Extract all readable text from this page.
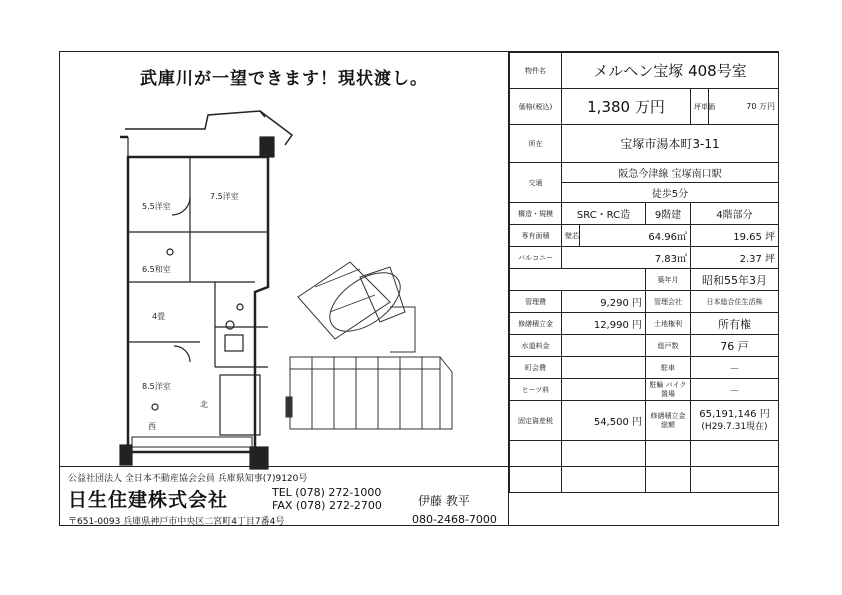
武庫川が一望できます！現状渡し。
5.5洋室
7.5洋室
6.5和室
4畳
8.5洋室
西
北
公益社団法人 全日本不動産協会会員 兵庫県知事(7)9120号
日生住建株式会社	TEL (078) 272-1000
FAX (078) 272-2700	伊藤 教平
〒651-0093 兵庫県神戸市中央区二宮町4丁目7番4号	080-2468-7000
物件名	メルヘン宝塚 408号室				
価格(税込)	1,380 万円			坪単価	70 万円
所在	宝塚市湯本町3-11				
交通	阪急今津線 宝塚南口駅				
	徒歩5分				
構造・規模	SRC・RC造		9階建	4階部分	
専有面積	壁芯	64.96㎡		19.65 坪	
バルコニー	7.83㎡			2.37 坪	
			築年月	昭和55年3月	
管理費	9,290 円		管理会社	日本総合住生活株	
修繕積立金	12,990 円		土地権利	所有権	
水道料金			総戸数	76 戸	
町会費			駐車	－	
ヒーツ料			駐輪 バイク置場	－	
固定資産税	54,500 円		修繕積立金総額	65,191,146 円
(H29.7.31現在)	
